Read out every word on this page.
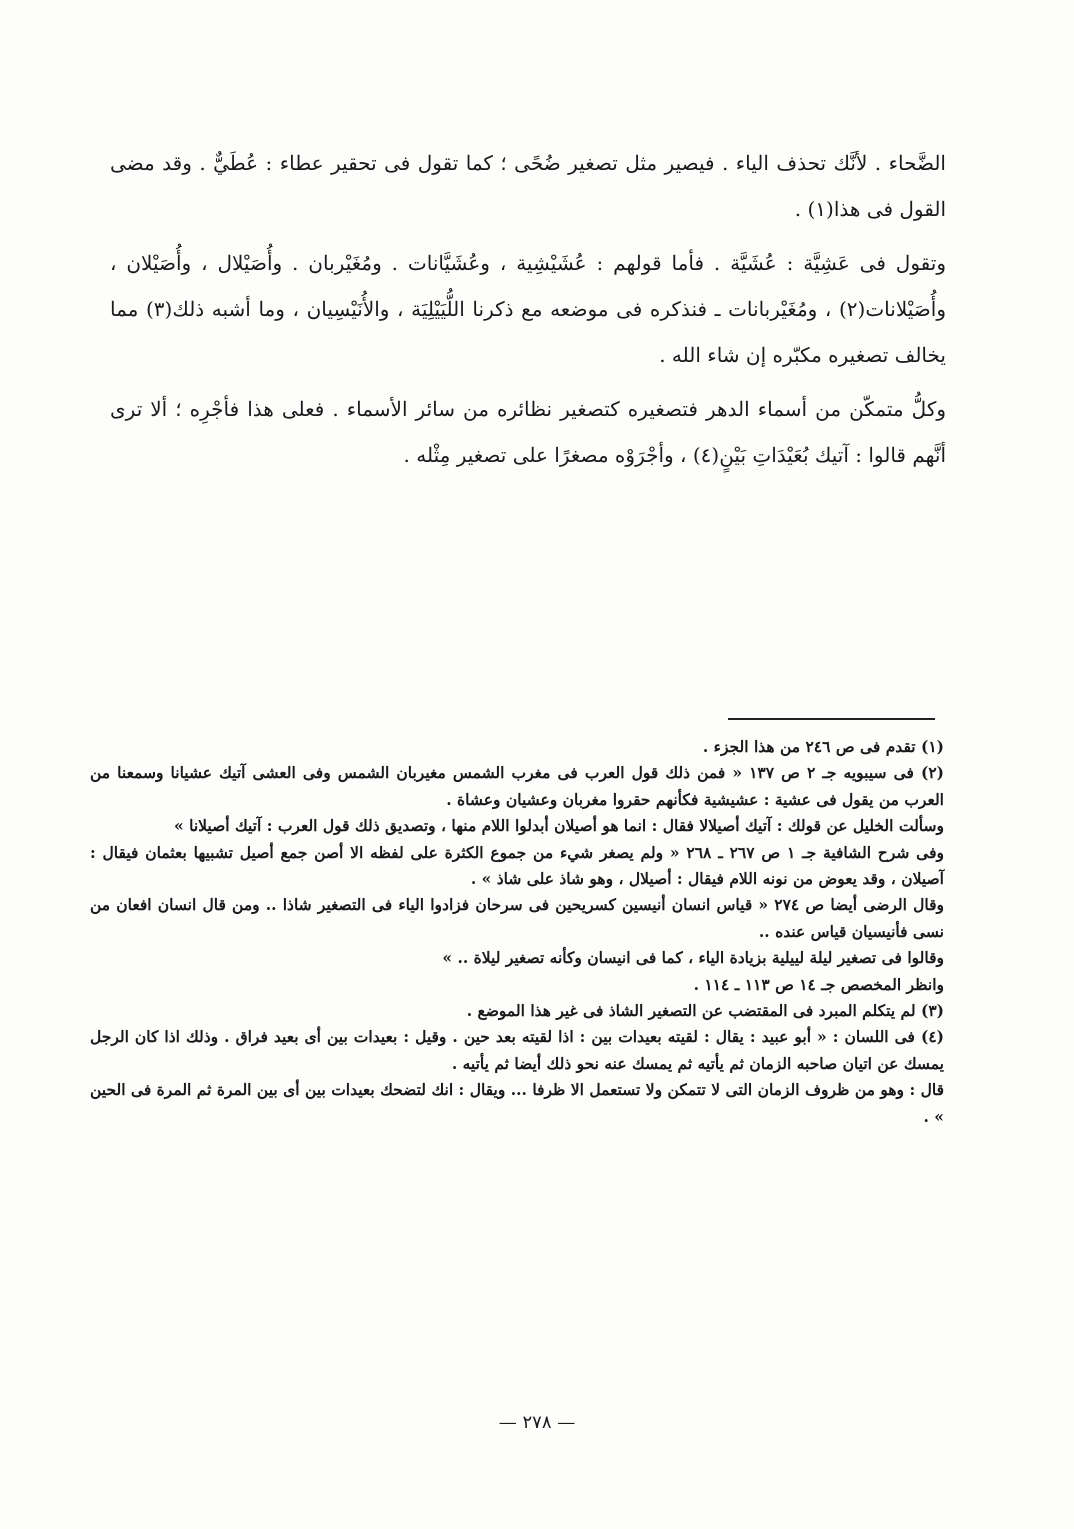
الضَّحاء . لأنَّك تحذف الياء . فيصير مثل تصغير ضُحًى ؛ كما تقول فى تحقير عطاء : عُطَيٌّ . وقد مضى القول فى هذا(١) .

وتقول فى عَشِيَّة : عُشَيَّة . فأما قولهم : عُشَيْشِية ، وعُشَيَّانات . ومُغَيْربان . وأُصَيْلال ، وأُصَيْلان ، وأُصَيْلانات(٢) ، ومُغَيْربانات ـ فنذكره فى موضعه مع ذكرنا اللُّيَيْلِيَة ، والأُنَيْسِيان ، وما أشبه ذلك(٣) مما يخالف تصغيره مكبّره إن شاء الله .

وكلُّ متمكّن من أسماء الدهر فتصغيره كتصغير نظائره من سائر الأسماء . فعلى هذا فأجْرِه ؛ ألا ترى أنَّهم قالوا : آتيك بُعَيْدَاتِ بَيْنٍ(٤) ، وأجْرَوْه مصغرًا على تصغير مِثْله .

(١) تقدم فى ص ٢٤٦ من هذا الجزء .

(٢) فى سيبويه جـ ٢ ص ١٣٧ « فمن ذلك قول العرب فى مغرب الشمس مغيربان الشمس وفى العشى آتيك عشيانا وسمعنا من العرب من يقول فى عشية : عشيشية فكأنهم حقروا مغربان وعشيان وعشاة .

وسألت الخليل عن قولك : آتيك أصيلالا فقال : انما هو أصيلان أبدلوا اللام منها ، وتصديق ذلك قول العرب : آتيك أصيلانا »

وفى شرح الشافية جـ ١ ص ٢٦٧ ـ ٢٦٨ « ولم يصغر شيء من جموع الكثرة على لفظه الا أصن جمع أصيل تشبيها بعثمان فيقال : آصيلان ، وقد يعوض من نونه اللام فيقال : أصيلال ، وهو شاذ على شاذ » .

وقال الرضى أيضا ص ٢٧٤ « قياس انسان أنيسين كسريحين فى سرحان فزادوا الياء فى التصغير شاذا .. ومن قال انسان افعان من نسى فأنيسيان قياس عنده ..

وقالوا فى تصغير ليلة لييلية بزيادة الياء ، كما فى انيسان وكأنه تصغير ليلاة .. »

وانظر المخصص جـ ١٤ ص ١١٣ ـ ١١٤ .

(٣) لم يتكلم المبرد فى المقتضب عن التصغير الشاذ فى غير هذا الموضع .

(٤) فى اللسان : « أبو عبيد : يقال : لقيته بعيدات بين : اذا لقيته بعد حين . وقيل : بعيدات بين أى بعيد فراق . وذلك اذا كان الرجل يمسك عن اتيان صاحبه الزمان ثم يأتيه ثم يمسك عنه نحو ذلك أيضا ثم يأتيه .

قال : وهو من ظروف الزمان التى لا تتمكن ولا تستعمل الا ظرفا ... ويقال : انك لتضحك بعيدات بين أى بين المرة ثم المرة فى الحين » .

— ٢٧٨ —
